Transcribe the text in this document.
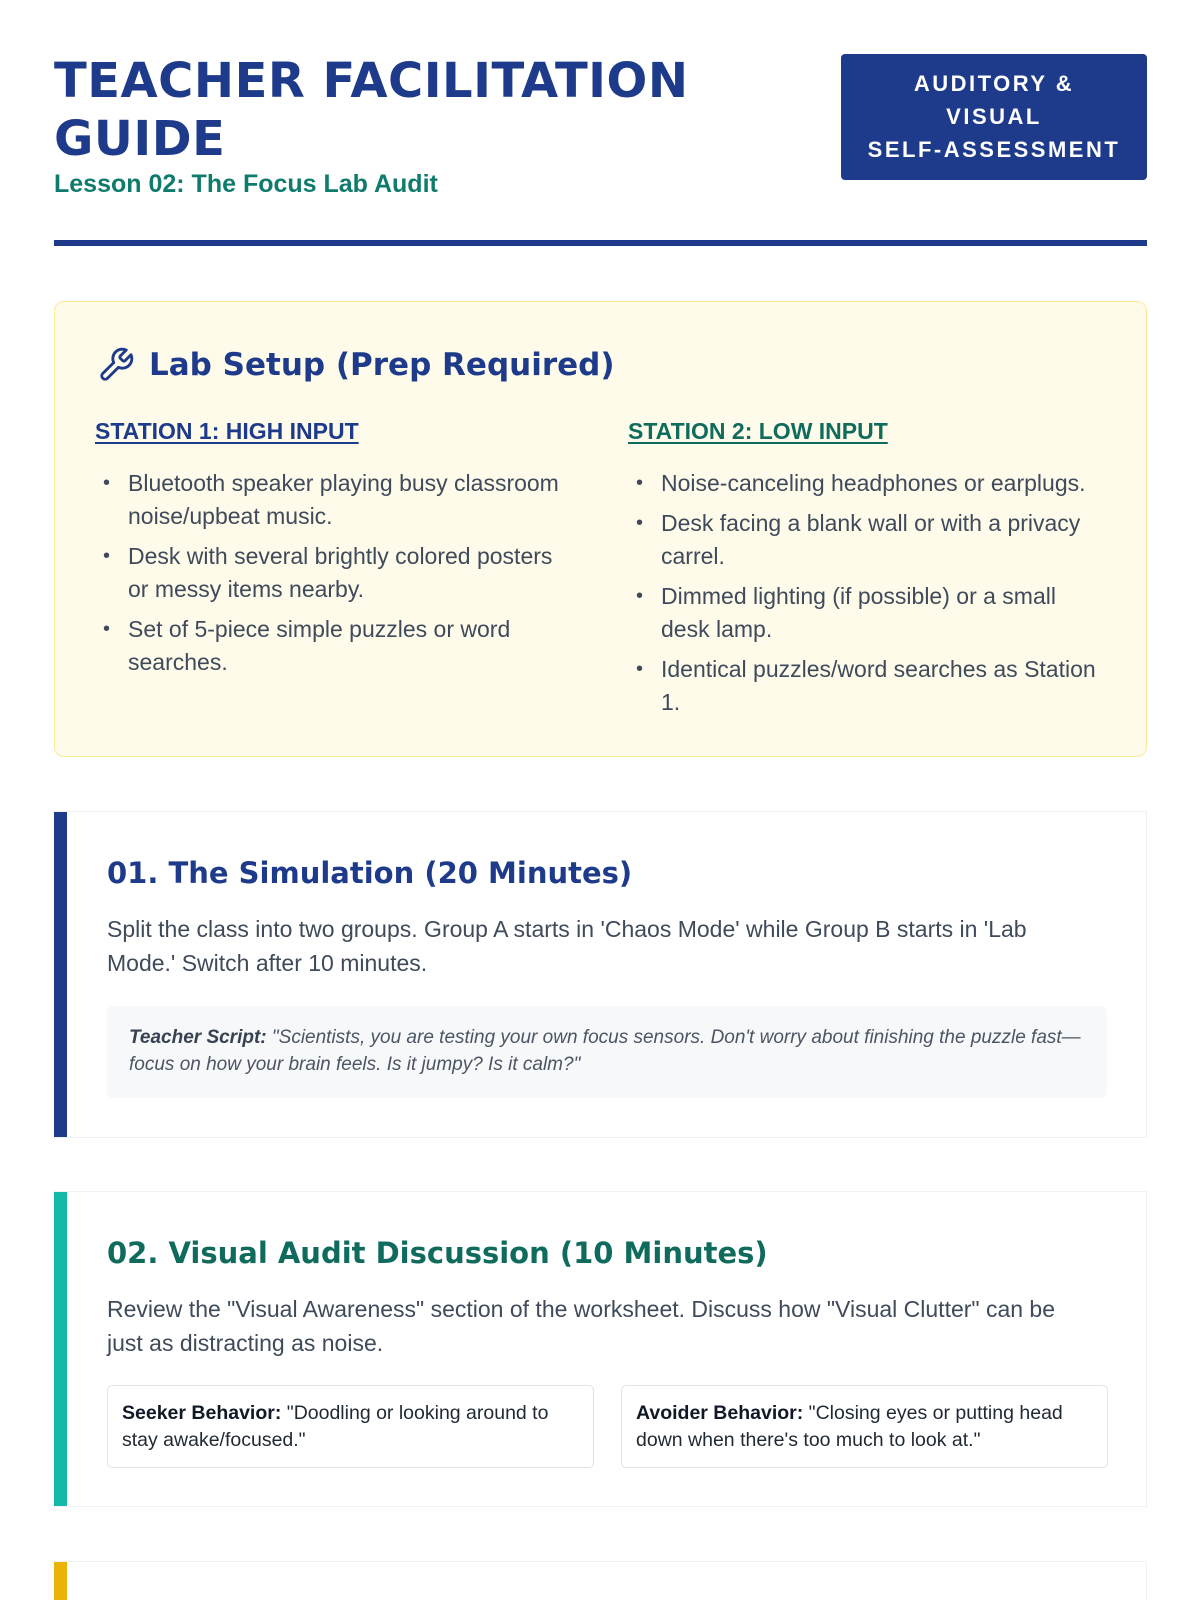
TEACHER FACILITATION GUIDE
Lesson 02: The Focus Lab Audit
AUDITORY &
VISUAL
SELF-ASSESSMENT
Lab Setup (Prep Required)
STATION 1: HIGH INPUT
• Bluetooth speaker playing busy classroom noise/upbeat music.
• Desk with several brightly colored posters or messy items nearby.
• Set of 5-piece simple puzzles or word searches.
STATION 2: LOW INPUT
• Noise-canceling headphones or earplugs.
• Desk facing a blank wall or with a privacy carrel.
• Dimmed lighting (if possible) or a small desk lamp.
• Identical puzzles/word searches as Station 1.
01. The Simulation (20 Minutes)

Split the class into two groups. Group A starts in 'Chaos Mode' while Group B starts in 'Lab Mode.' Switch after 10 minutes.

Teacher Script: "Scientists, you are testing your own focus sensors. Don't worry about finishing the puzzle fast—focus on how your brain feels. Is it jumpy? Is it calm?"
02. Visual Audit Discussion (10 Minutes)

Review the "Visual Awareness" section of the worksheet. Discuss how "Visual Clutter" can be just as distracting as noise.

Seeker Behavior: "Doodling or looking around to stay awake/focused."
Avoider Behavior: "Closing eyes or putting head down when there's too much to look at."
